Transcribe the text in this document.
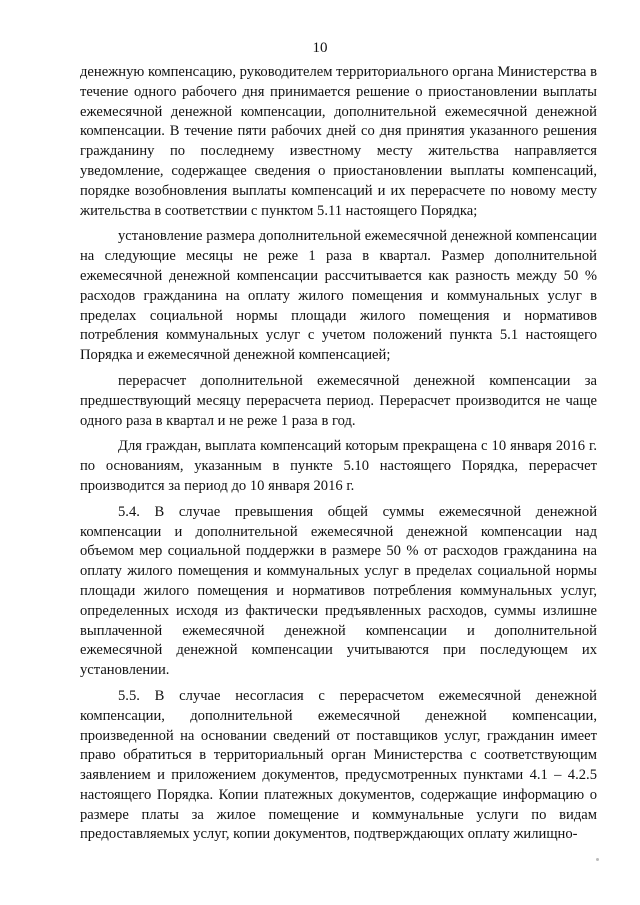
10

денежную компенсацию, руководителем территориального органа Министерства в течение одного рабочего дня принимается решение о приостановлении выплаты ежемесячной денежной компенсации, дополнительной ежемесячной денежной компенсации. В течение пяти рабочих дней со дня принятия указанного решения гражданину по последнему известному месту жительства направляется уведомление, содержащее сведения о приостановлении выплаты компенсаций, порядке возобновления выплаты компенсаций и их перерасчете по новому месту жительства в соответствии с пунктом 5.11 настоящего Порядка;

установление размера дополнительной ежемесячной денежной компенсации на следующие месяцы не реже 1 раза в квартал. Размер дополнительной ежемесячной денежной компенсации рассчитывается как разность между 50 % расходов гражданина на оплату жилого помещения и коммунальных услуг в пределах социальной нормы площади жилого помещения и нормативов потребления коммунальных услуг с учетом положений пункта 5.1 настоящего Порядка и ежемесячной денежной компенсацией;

перерасчет дополнительной ежемесячной денежной компенсации за предшествующий месяцу перерасчета период. Перерасчет производится не чаще одного раза в квартал и не реже 1 раза в год.

Для граждан, выплата компенсаций которым прекращена с 10 января 2016 г. по основаниям, указанным в пункте 5.10 настоящего Порядка, перерасчет производится за период до 10 января 2016 г.

5.4. В случае превышения общей суммы ежемесячной денежной компенсации и дополнительной ежемесячной денежной компенсации над объемом мер социальной поддержки в размере 50 % от расходов гражданина на оплату жилого помещения и коммунальных услуг в пределах социальной нормы площади жилого помещения и нормативов потребления коммунальных услуг, определенных исходя из фактически предъявленных расходов, суммы излишне выплаченной ежемесячной денежной компенсации и дополнительной ежемесячной денежной компенсации учитываются при последующем их установлении.

5.5. В случае несогласия с перерасчетом ежемесячной денежной компенсации, дополнительной ежемесячной денежной компенсации, произведенной на основании сведений от поставщиков услуг, гражданин имеет право обратиться в территориальный орган Министерства с соответствующим заявлением и приложением документов, предусмотренных пунктами 4.1 – 4.2.5 настоящего Порядка. Копии платежных документов, содержащие информацию о размере платы за жилое помещение и коммунальные услуги по видам предоставляемых услуг, копии документов, подтверждающих оплату жилищно-
